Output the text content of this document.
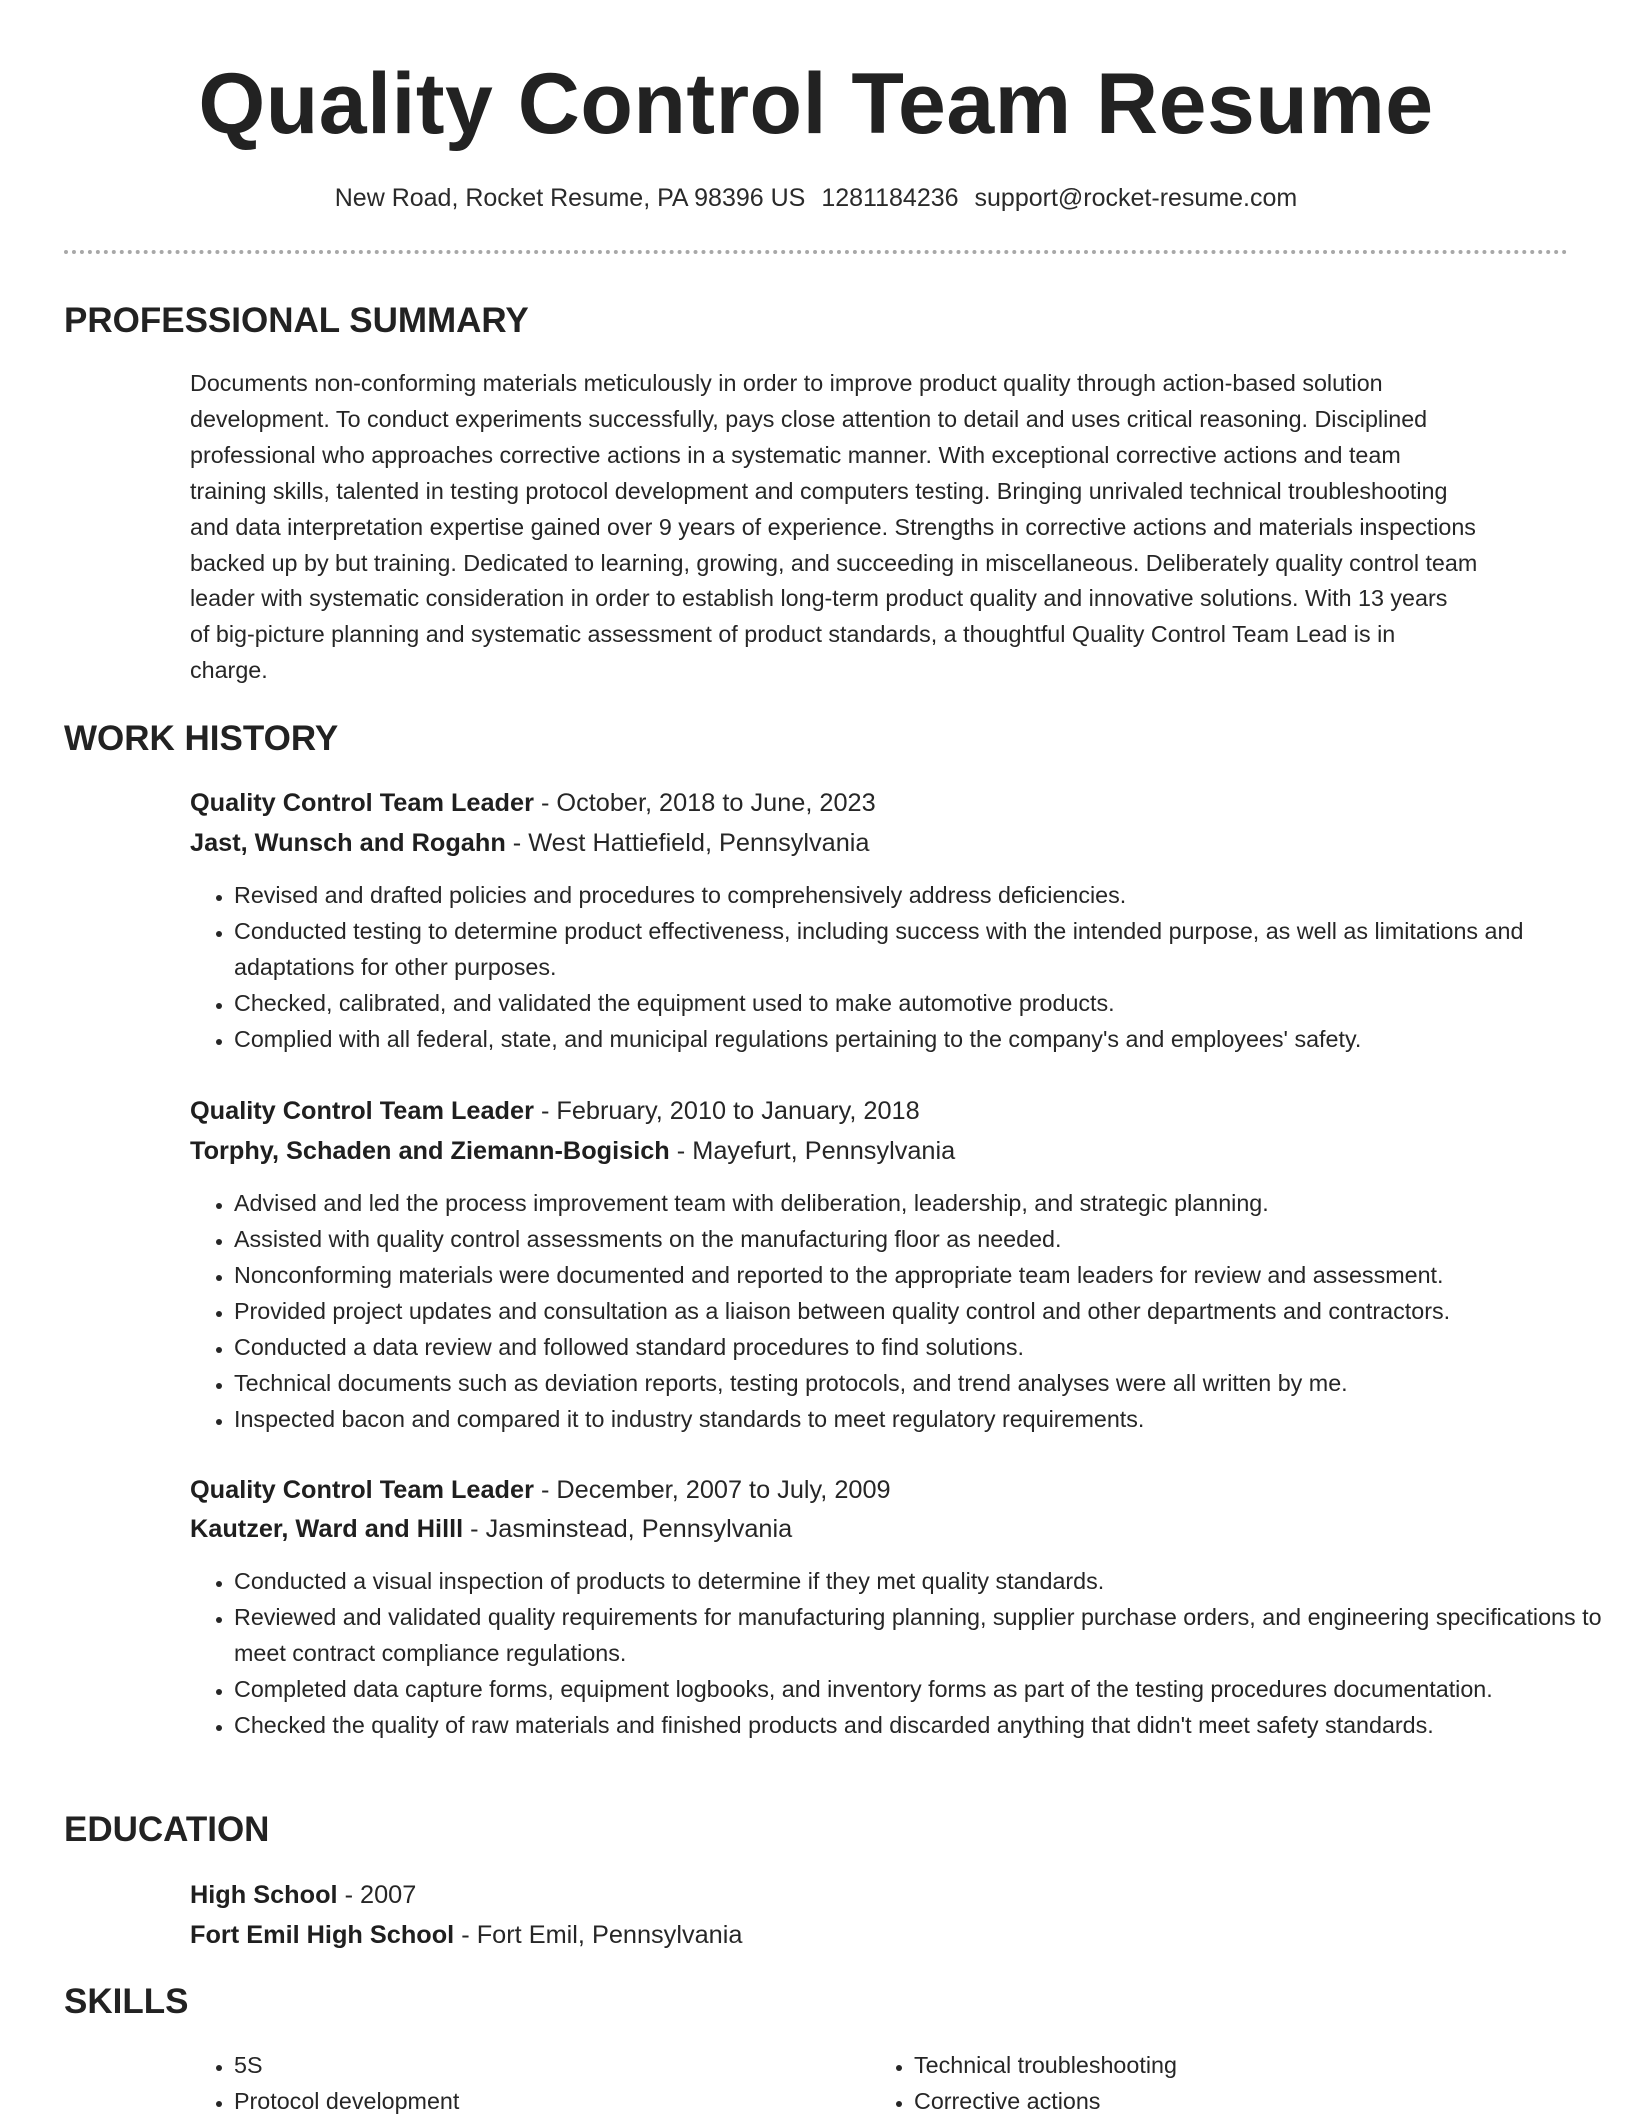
Quality Control Team Resume
New Road, Rocket Resume, PA 98396 US 1281184236 support@rocket-resume.com
PROFESSIONAL SUMMARY
Documents non-conforming materials meticulously in order to improve product quality through action-based solution
development. To conduct experiments successfully, pays close attention to detail and uses critical reasoning. Disciplined
professional who approaches corrective actions in a systematic manner. With exceptional corrective actions and team
training skills, talented in testing protocol development and computers testing. Bringing unrivaled technical troubleshooting
and data interpretation expertise gained over 9 years of experience. Strengths in corrective actions and materials inspections
backed up by but training. Dedicated to learning, growing, and succeeding in miscellaneous. Deliberately quality control team
leader with systematic consideration in order to establish long-term product quality and innovative solutions. With 13 years
of big-picture planning and systematic assessment of product standards, a thoughtful Quality Control Team Lead is in
charge.
WORK HISTORY
Quality Control Team Leader - October, 2018 to June, 2023
Jast, Wunsch and Rogahn - West Hattiefield, Pennsylvania
• Revised and drafted policies and procedures to comprehensively address deficiencies.
• Conducted testing to determine product effectiveness, including success with the intended purpose, as well as limitations and adaptations for other purposes.
• Checked, calibrated, and validated the equipment used to make automotive products.
• Complied with all federal, state, and municipal regulations pertaining to the company's and employees' safety.
Quality Control Team Leader - February, 2010 to January, 2018
Torphy, Schaden and Ziemann-Bogisich - Mayefurt, Pennsylvania
• Advised and led the process improvement team with deliberation, leadership, and strategic planning.
• Assisted with quality control assessments on the manufacturing floor as needed.
• Nonconforming materials were documented and reported to the appropriate team leaders for review and assessment.
• Provided project updates and consultation as a liaison between quality control and other departments and contractors.
• Conducted a data review and followed standard procedures to find solutions.
• Technical documents such as deviation reports, testing protocols, and trend analyses were all written by me.
• Inspected bacon and compared it to industry standards to meet regulatory requirements.
Quality Control Team Leader - December, 2007 to July, 2009
Kautzer, Ward and Hilll - Jasminstead, Pennsylvania
• Conducted a visual inspection of products to determine if they met quality standards.
• Reviewed and validated quality requirements for manufacturing planning, supplier purchase orders, and engineering specifications to meet contract compliance regulations.
• Completed data capture forms, equipment logbooks, and inventory forms as part of the testing procedures documentation.
• Checked the quality of raw materials and finished products and discarded anything that didn't meet safety standards.
EDUCATION
High School - 2007
Fort Emil High School - Fort Emil, Pennsylvania
SKILLS
• 5S
• Protocol development
• Technical troubleshooting
• Corrective actions
